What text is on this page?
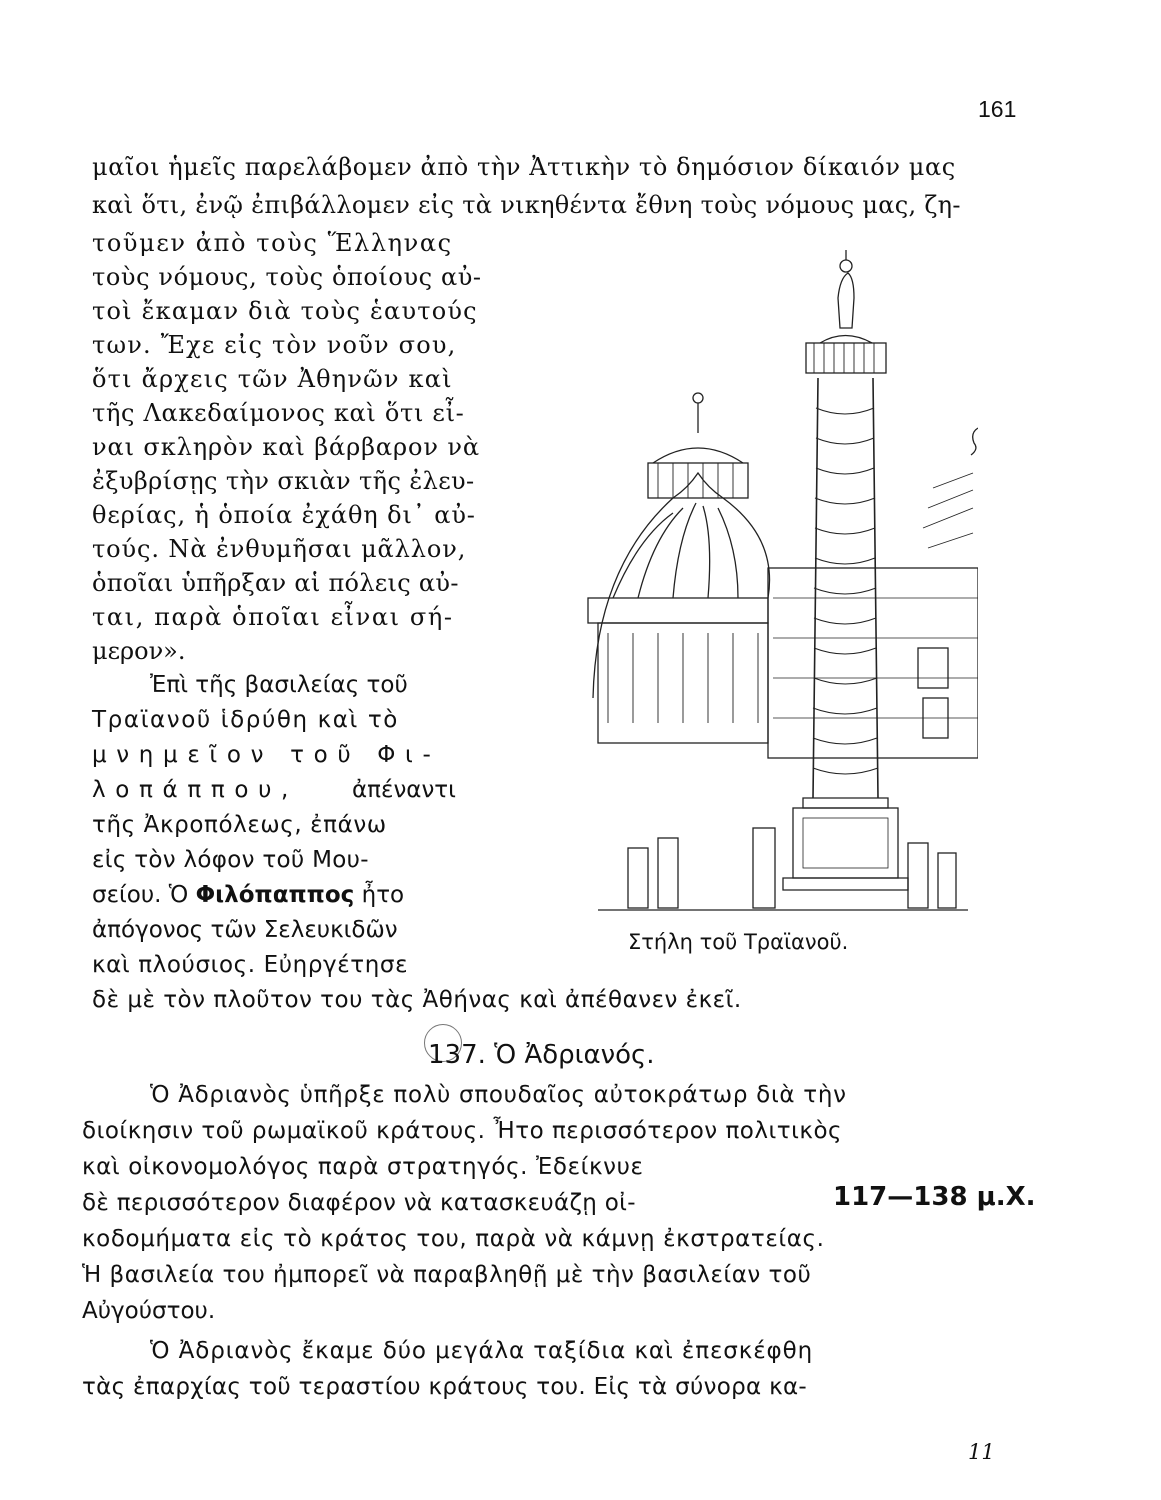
161
μαῖοι ἡμεῖς παρελάβομεν ἀπὸ τὴν Ἀττικὴν τὸ δημόσιον δίκαιόν μας
καὶ ὅτι, ἐνῷ ἐπιβάλλομεν εἰς τὰ νικηθέντα ἔθνη τοὺς νόμους μας, ζη-
τοῦμεν ἀπὸ τοὺς Ἕλληνας
τοὺς νόμους, τοὺς ὁποίους αὐ-
τοὶ ἔκαμαν διὰ τοὺς ἑαυτούς
των. Ἔχε εἰς τὸν νοῦν σου,
ὅτι ἄρχεις τῶν Ἀθηνῶν καὶ
τῆς Λακεδαίμονος καὶ ὅτι εἶ-
ναι σκληρὸν καὶ βάρβαρον νὰ
ἐξυβρίσῃς τὴν σκιὰν τῆς ἐλευ-
θερίας, ἡ ὁποία ἐχάθη δι᾽ αὐ-
τούς. Νὰ ἐνθυμῆσαι μᾶλλον,
ὁποῖαι ὑπῆρξαν αἱ πόλεις αὐ-
ται, παρὰ ὁποῖαι εἶναι σή-
μερον».
Ἐπὶ τῆς βασιλείας τοῦ
Τραϊανοῦ ἱδρύθη καὶ τὸ
μνημεῖον τοῦ Φι-
λοπάππου, ἀπέναντι
τῆς Ἀκροπόλεως, ἐπάνω
εἰς τὸν λόφον τοῦ Μου-
σείου. Ὁ Φιλόπαππος ἦτο
ἀπόγονος τῶν Σελευκιδῶν
καὶ πλούσιος. Εὐηργέτησε
δὲ μὲ τὸν πλοῦτον του τὰς Ἀθήνας καὶ ἀπέθανεν ἐκεῖ.
Στήλη τοῦ Τραϊανοῦ.
137. Ὁ Ἀδριανός.
Ὁ Ἀδριανὸς ὑπῆρξε πολὺ σπουδαῖος αὐτοκράτωρ διὰ τὴν
διοίκησιν τοῦ ρωμαϊκοῦ κράτους. Ἦτο περισσότερον πολιτικὸς
καὶ οἰκονομολόγος παρὰ στρατηγός. Ἐδείκνυε
δὲ περισσότερον διαφέρον νὰ κατασκευάζῃ οἰ-
κοδομήματα εἰς τὸ κράτος του, παρὰ νὰ κάμνῃ ἐκστρατείας.
Ἡ βασιλεία του ἠμπορεῖ νὰ παραβληθῇ μὲ τὴν βασιλείαν τοῦ
Αὐγούστου.
117—138 μ.Χ.
Ὁ Ἀδριανὸς ἔκαμε δύο μεγάλα ταξίδια καὶ ἐπεσκέφθη
τὰς ἐπαρχίας τοῦ τεραστίου κράτους του. Εἰς τὰ σύνορα κα-
11
